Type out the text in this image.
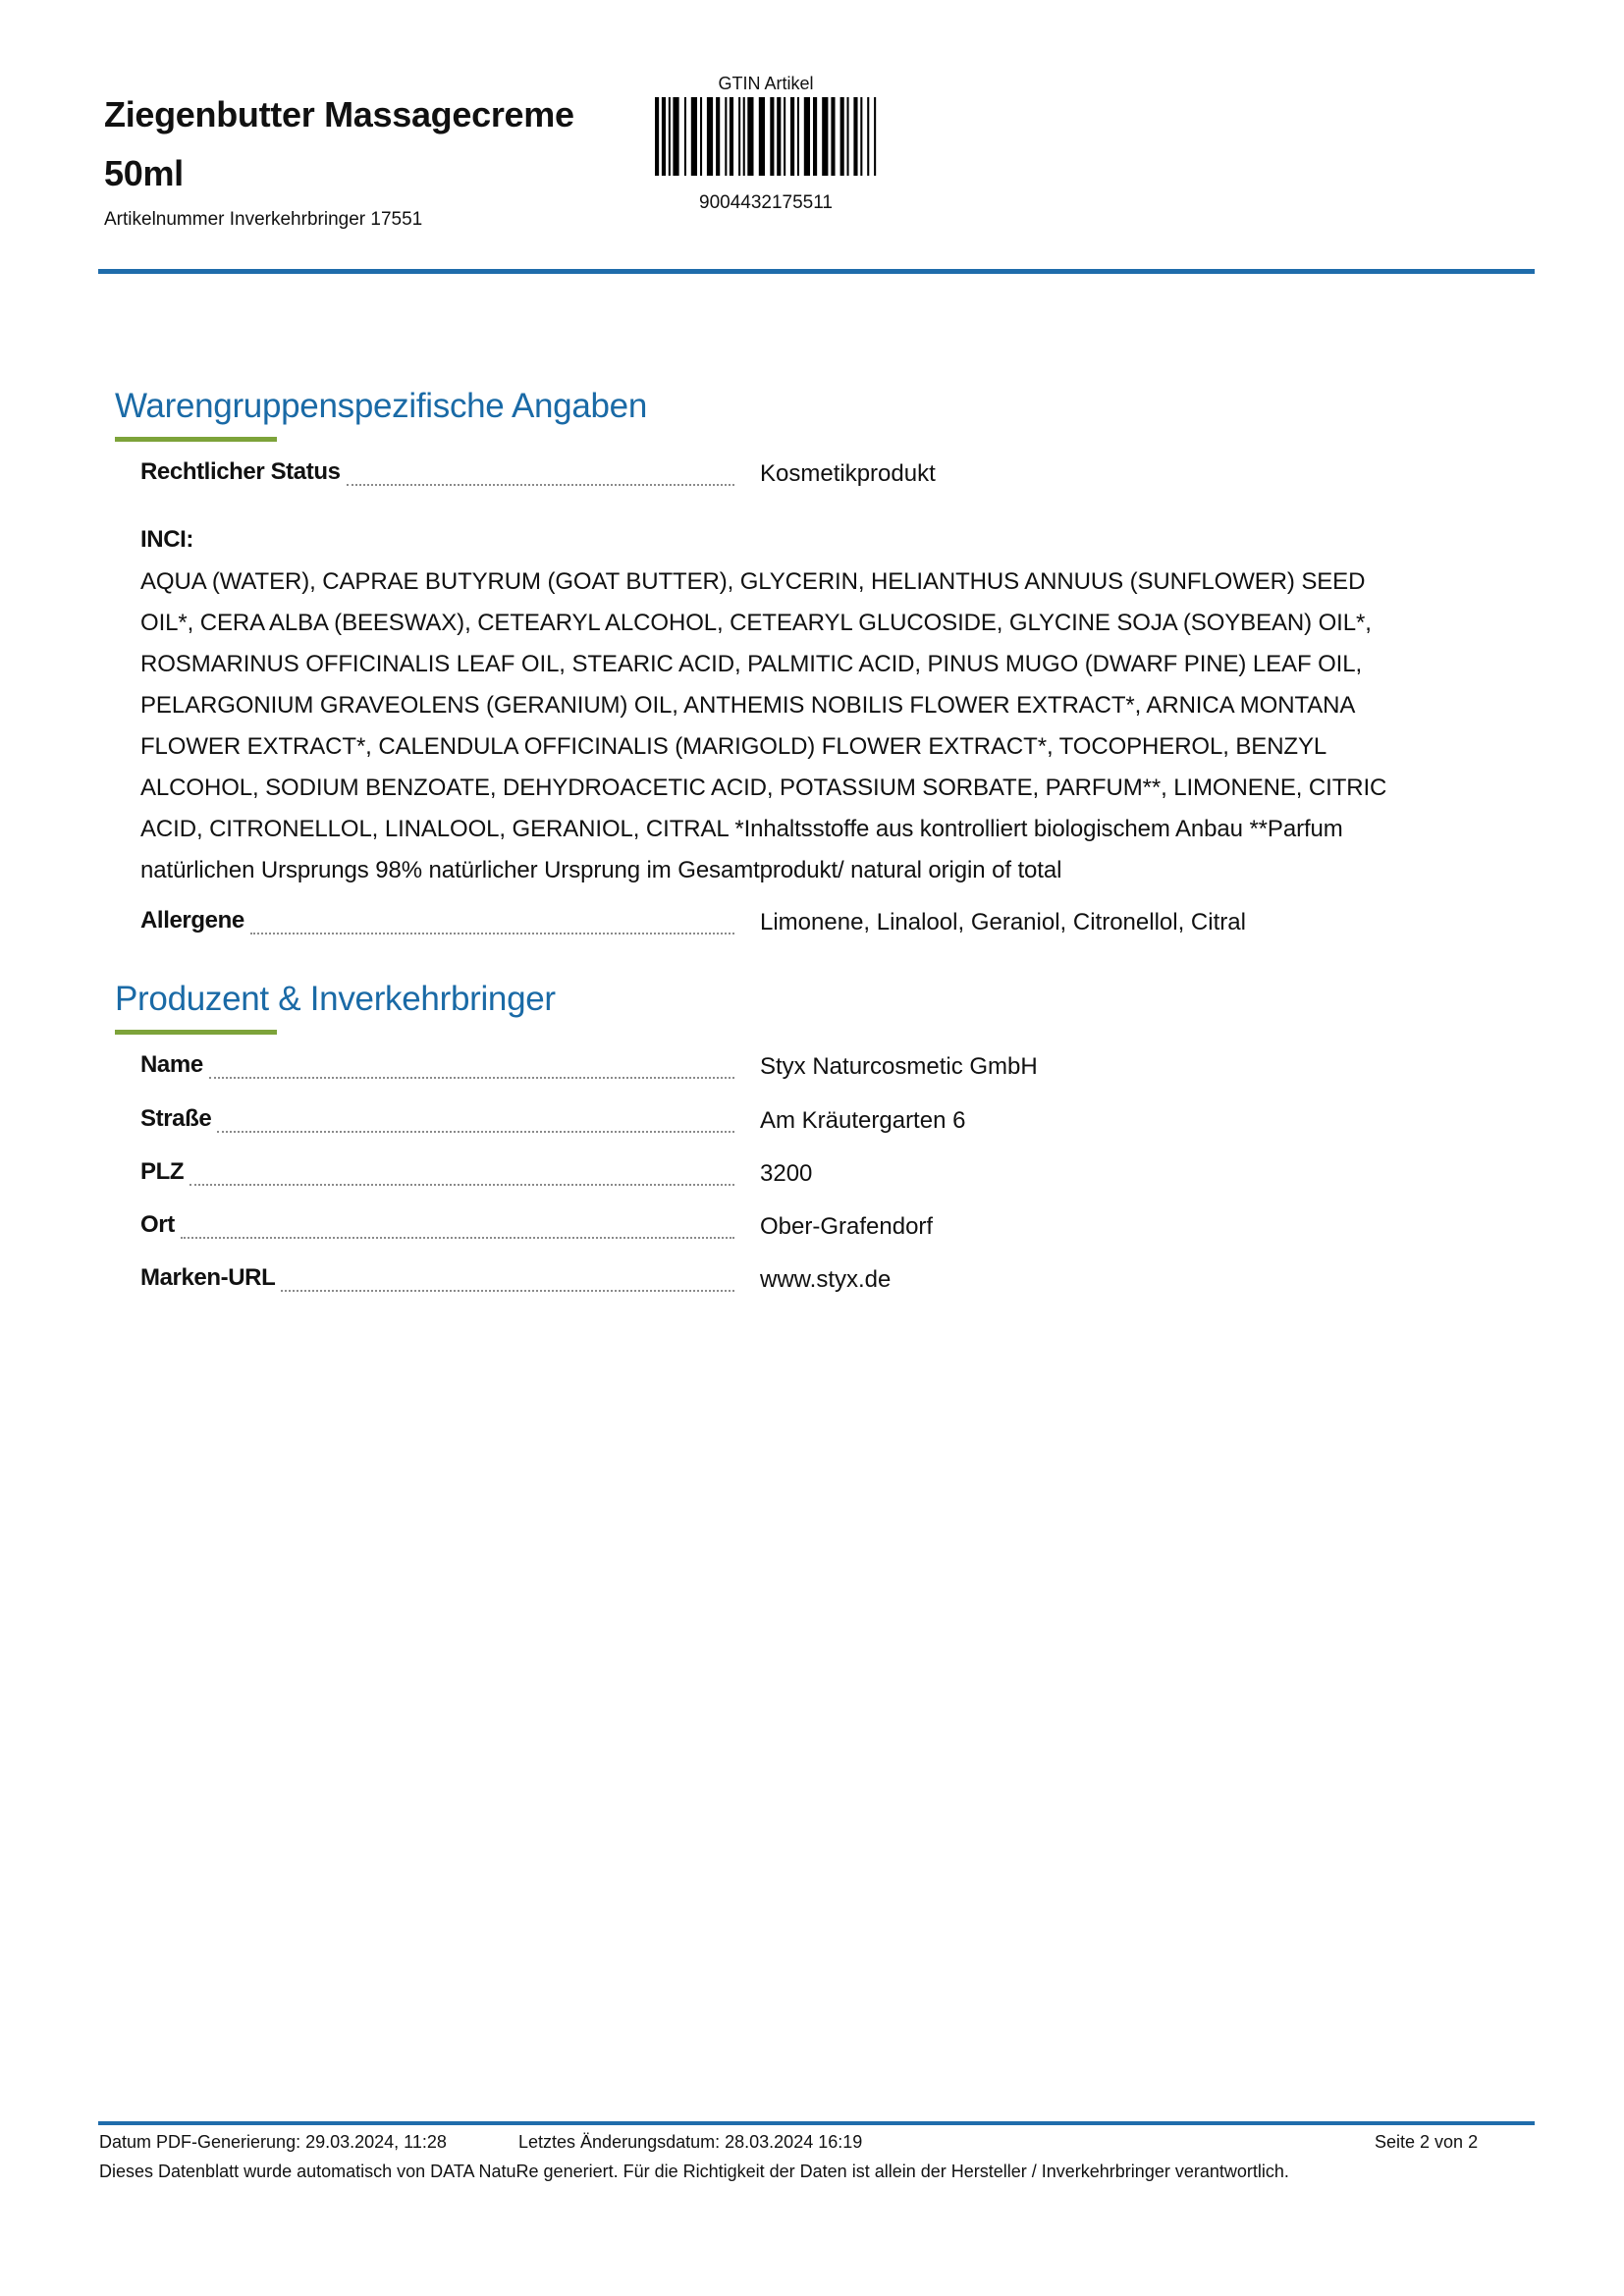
Ziegenbutter Massagecreme
50ml
Artikelnummer Inverkehrbringer 17551
GTIN Artikel
9004432175511
Warengruppenspezifische Angaben
Rechtlicher Status	Kosmetikprodukt
INCI:
AQUA (WATER), CAPRAE BUTYRUM (GOAT BUTTER), GLYCERIN, HELIANTHUS ANNUUS (SUNFLOWER) SEED OIL*, CERA ALBA (BEESWAX), CETEARYL ALCOHOL, CETEARYL GLUCOSIDE, GLYCINE SOJA (SOYBEAN) OIL*, ROSMARINUS OFFICINALIS LEAF OIL, STEARIC ACID, PALMITIC ACID, PINUS MUGO (DWARF PINE) LEAF OIL, PELARGONIUM GRAVEOLENS (GERANIUM) OIL, ANTHEMIS NOBILIS FLOWER EXTRACT*, ARNICA MONTANA FLOWER EXTRACT*, CALENDULA OFFICINALIS (MARIGOLD) FLOWER EXTRACT*, TOCOPHEROL, BENZYL ALCOHOL, SODIUM BENZOATE, DEHYDROACETIC ACID, POTASSIUM SORBATE, PARFUM**, LIMONENE, CITRIC ACID, CITRONELLOL, LINALOOL, GERANIOL, CITRAL *Inhaltsstoffe aus kontrolliert biologischem Anbau **Parfum natürlichen Ursprungs 98% natürlicher Ursprung im Gesamtprodukt/ natural origin of total
Allergene	Limonene, Linalool, Geraniol, Citronellol, Citral
Produzent & Inverkehrbringer
Name	Styx Naturcosmetic GmbH
Straße	Am Kräutergarten 6
PLZ	3200
Ort	Ober-Grafendorf
Marken-URL	www.styx.de
Datum PDF-Generierung: 29.03.2024, 11:28	Letztes Änderungsdatum: 28.03.2024 16:19	Seite 2 von 2
Dieses Datenblatt wurde automatisch von DATA NatuRe generiert. Für die Richtigkeit der Daten ist allein der Hersteller / Inverkehrbringer verantwortlich.
